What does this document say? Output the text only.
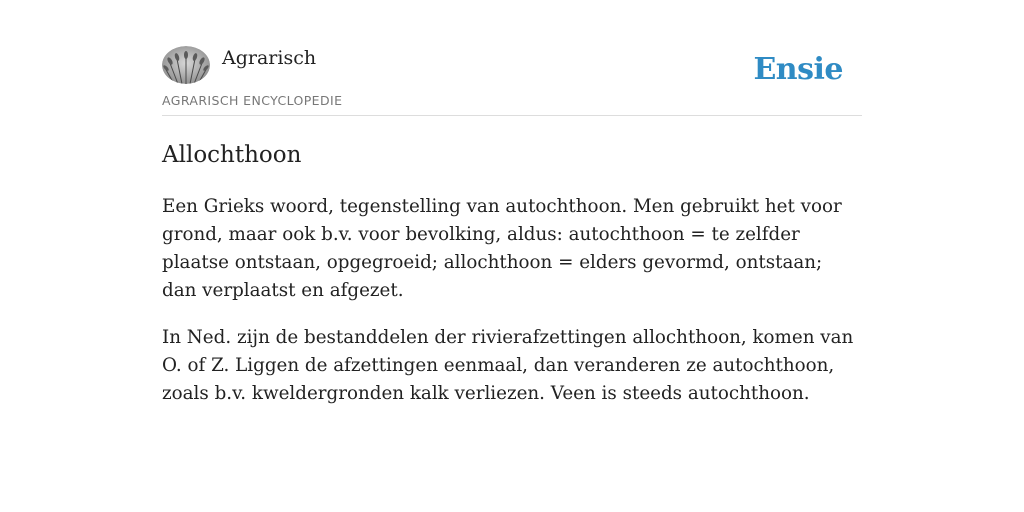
Agrarisch
AGRARISCH ENCYCLOPEDIE
Ensie
Allochthoon

Een Grieks woord, tegenstelling van autochthoon. Men gebruikt het voor grond, maar ook b.v. voor bevolking, aldus: autochthoon = te zelfder plaatse ontstaan, opgegroeid; allochthoon = elders gevormd, ontstaan; dan verplaatst en afgezet.

In Ned. zijn de bestanddelen der rivierafzettingen allochthoon, komen van O. of Z. Liggen de afzettingen eenmaal, dan veranderen ze autochthoon, zoals b.v. kweldergronden kalk verliezen. Veen is steeds autochthoon.
